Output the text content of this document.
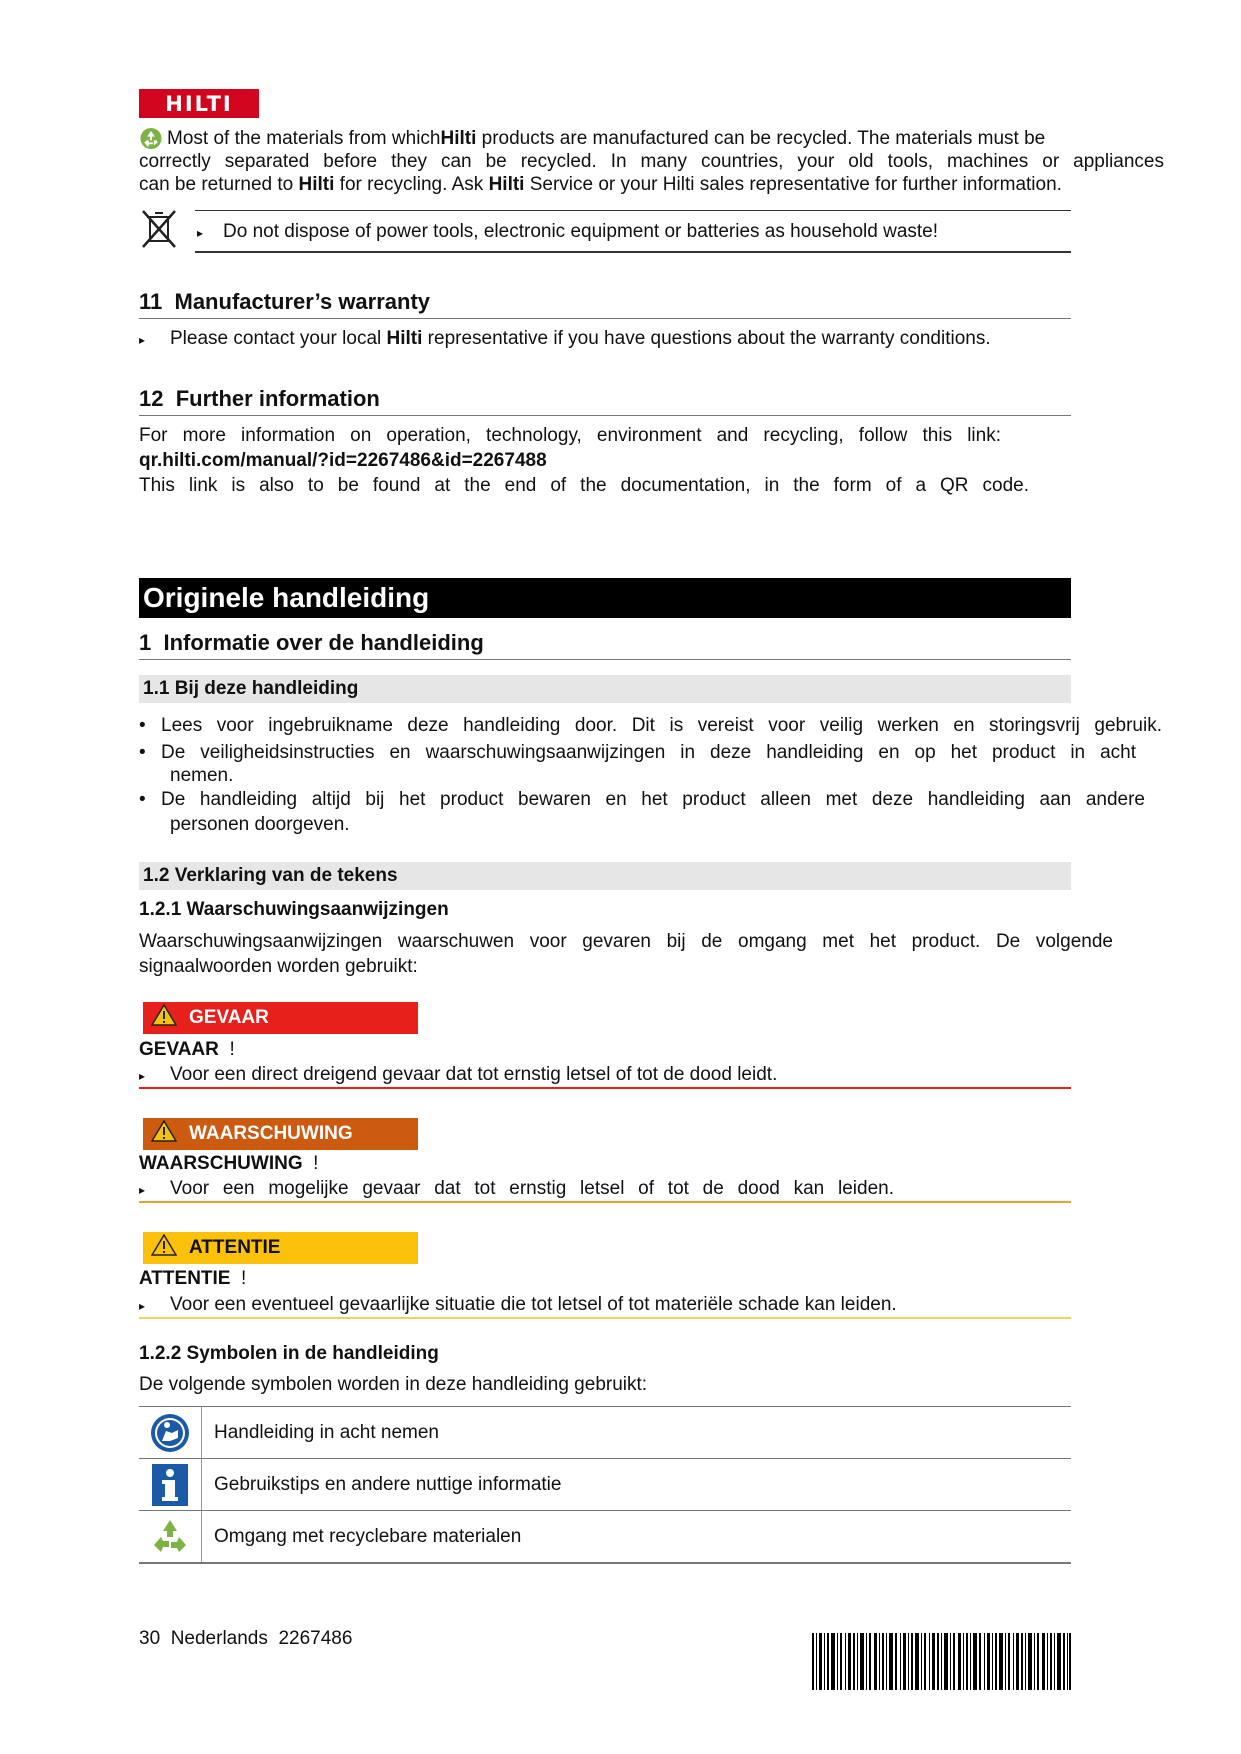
HILTI
Most of the materials from which Hilti products are manufactured can be recycled. The materials must be
correctly separated before they can be recycled. In many countries, your old tools, machines or appliances
can be returned to Hilti for recycling. Ask Hilti Service or your Hilti sales representative for further information.
▸ Do not dispose of power tools, electronic equipment or batteries as household waste!
11 Manufacturer’s warranty
▸ Please contact your local Hilti representative if you have questions about the warranty conditions.
12 Further information
For more information on operation, technology, environment and recycling, follow this link:
qr.hilti.com/manual/?id=2267486&id=2267488
This link is also to be found at the end of the documentation, in the form of a QR code.
Originele handleiding
1 Informatie over de handleiding
1.1 Bij deze handleiding
• Lees voor ingebruikname deze handleiding door. Dit is vereist voor veilig werken en storingsvrij gebruik.
• De veiligheidsinstructies en waarschuwingsaanwijzingen in deze handleiding en op het product in acht
nemen.
• De handleiding altijd bij het product bewaren en het product alleen met deze handleiding aan andere
personen doorgeven.
1.2 Verklaring van de tekens
1.2.1 Waarschuwingsaanwijzingen
Waarschuwingsaanwijzingen waarschuwen voor gevaren bij de omgang met het product. De volgende
signaalwoorden worden gebruikt:
GEVAAR
GEVAAR !
▸ Voor een direct dreigend gevaar dat tot ernstig letsel of tot de dood leidt.
WAARSCHUWING
WAARSCHUWING !
▸ Voor een mogelijke gevaar dat tot ernstig letsel of tot de dood kan leiden.
ATTENTIE
ATTENTIE !
▸ Voor een eventueel gevaarlijke situatie die tot letsel of tot materiële schade kan leiden.
1.2.2 Symbolen in de handleiding
De volgende symbolen worden in deze handleiding gebruikt:
Handleiding in acht nemen
Gebruikstips en andere nuttige informatie
Omgang met recyclebare materialen
30 Nederlands 2267486
